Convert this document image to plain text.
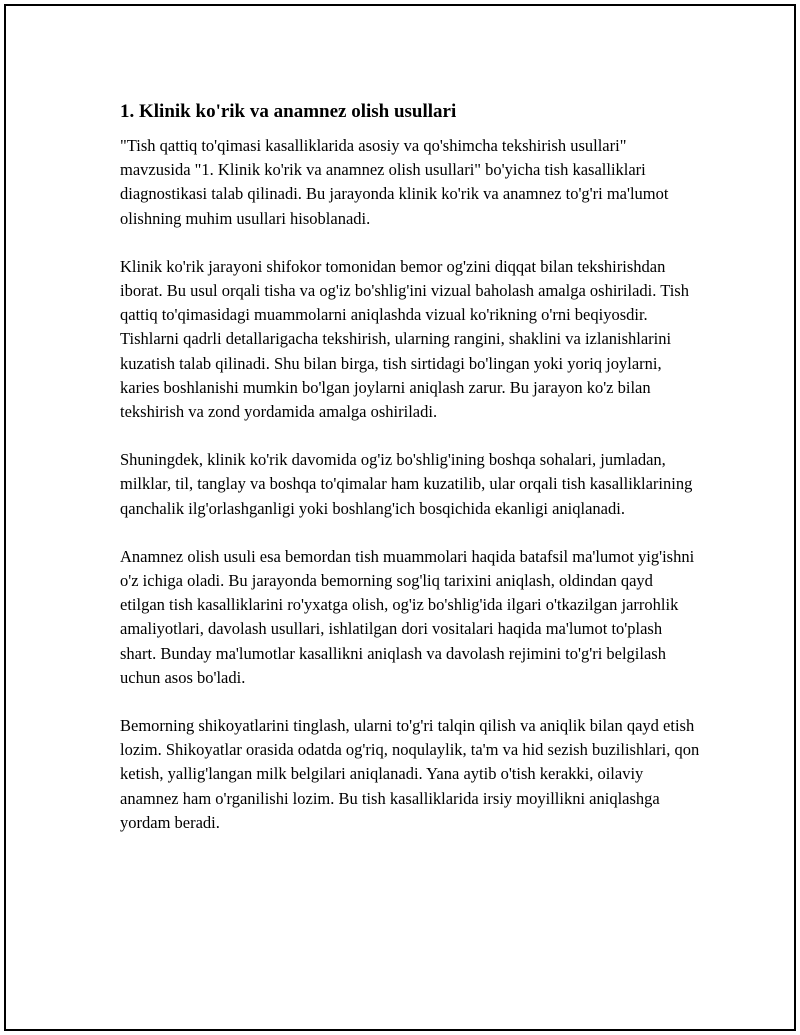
1. Klinik ko'rik va anamnez olish usullari

"Tish qattiq to'qimasi kasalliklarida asosiy va qo'shimcha tekshirish usullari" mavzusida "1. Klinik ko'rik va anamnez olish usullari" bo'yicha tish kasalliklari diagnostikasi talab qilinadi. Bu jarayonda klinik ko'rik va anamnez to'g'ri ma'lumot olishning muhim usullari hisoblanadi.

Klinik ko'rik jarayoni shifokor tomonidan bemor og'zini diqqat bilan tekshirishdan iborat. Bu usul orqali tisha va og'iz bo'shlig'ini vizual baholash amalga oshiriladi. Tish qattiq to'qimasidagi muammolarni aniqlashda vizual ko'rikning o'rni beqiyosdir. Tishlarni qadrli detallarigacha tekshirish, ularning rangini, shaklini va izlanishlarini kuzatish talab qilinadi. Shu bilan birga, tish sirtidagi bo'lingan yoki yoriq joylarni, karies boshlanishi mumkin bo'lgan joylarni aniqlash zarur. Bu jarayon ko'z bilan tekshirish va zond yordamida amalga oshiriladi.

Shuningdek, klinik ko'rik davomida og'iz bo'shlig'ining boshqa sohalari, jumladan, milklar, til, tanglay va boshqa to'qimalar ham kuzatilib, ular orqali tish kasalliklarining qanchalik ilg'orlashganligi yoki boshlang'ich bosqichida ekanligi aniqlanadi.

Anamnez olish usuli esa bemordan tish muammolari haqida batafsil ma'lumot yig'ishni o'z ichiga oladi. Bu jarayonda bemorning sog'liq tarixini aniqlash, oldindan qayd etilgan tish kasalliklarini ro'yxatga olish, og'iz bo'shlig'ida ilgari o'tkazilgan jarrohlik amaliyotlari, davolash usullari, ishlatilgan dori vositalari haqida ma'lumot to'plash shart. Bunday ma'lumotlar kasallikni aniqlash va davolash rejimini to'g'ri belgilash uchun asos bo'ladi.

Bemorning shikoyatlarini tinglash, ularni to'g'ri talqin qilish va aniqlik bilan qayd etish lozim. Shikoyatlar orasida odatda og'riq, noqulaylik, ta'm va hid sezish buzilishlari, qon ketish, yallig'langan milk belgilari aniqlanadi. Yana aytib o'tish kerakki, oilaviy anamnez ham o'rganilishi lozim. Bu tish kasalliklarida irsiy moyillikni aniqlashga yordam beradi.
